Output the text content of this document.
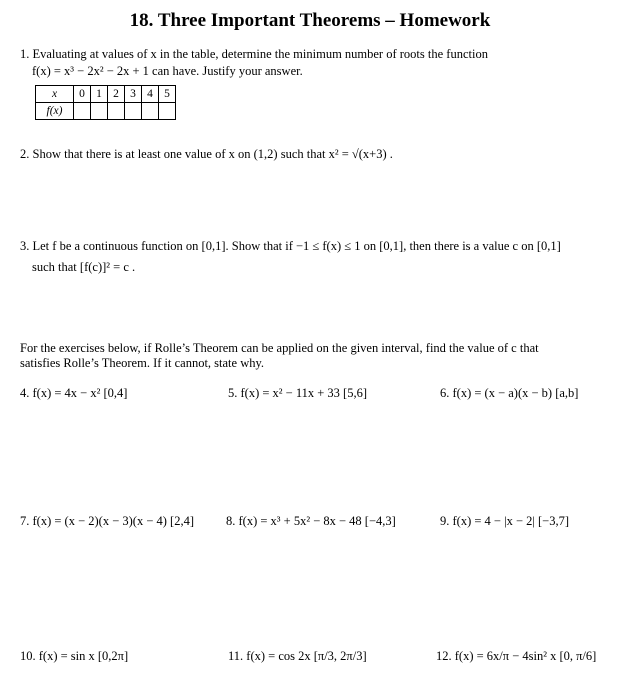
18. Three Important Theorems – Homework
1. Evaluating at values of x in the table, determine the minimum number of roots the function
f(x) = x³ − 2x² − 2x + 1 can have. Justify your answer.
x	0	1	2	3	4	5
f(x)						
2. Show that there is at least one value of x on (1,2) such that x² = √(x+3) .
3. Let f be a continuous function on [0,1]. Show that if −1 ≤ f(x) ≤ 1 on [0,1], then there is a value c on [0,1]
such that [f(c)]² = c .
For the exercises below, if Rolle’s Theorem can be applied on the given interval, find the value of c that
satisfies Rolle’s Theorem. If it cannot, state why.
4. f(x) = 4x − x² [0,4]	5. f(x) = x² − 11x + 33 [5,6]	6. f(x) = (x − a)(x − b) [a,b]
7. f(x) = (x − 2)(x − 3)(x − 4) [2,4]	8. f(x) = x³ + 5x² − 8x − 48 [−4,3]	9. f(x) = 4 − |x − 2| [−3,7]
10. f(x) = sin x [0,2π]	11. f(x) = cos 2x [π/3, 2π/3]	12. f(x) = 6x/π − 4sin² x [0, π/6]
